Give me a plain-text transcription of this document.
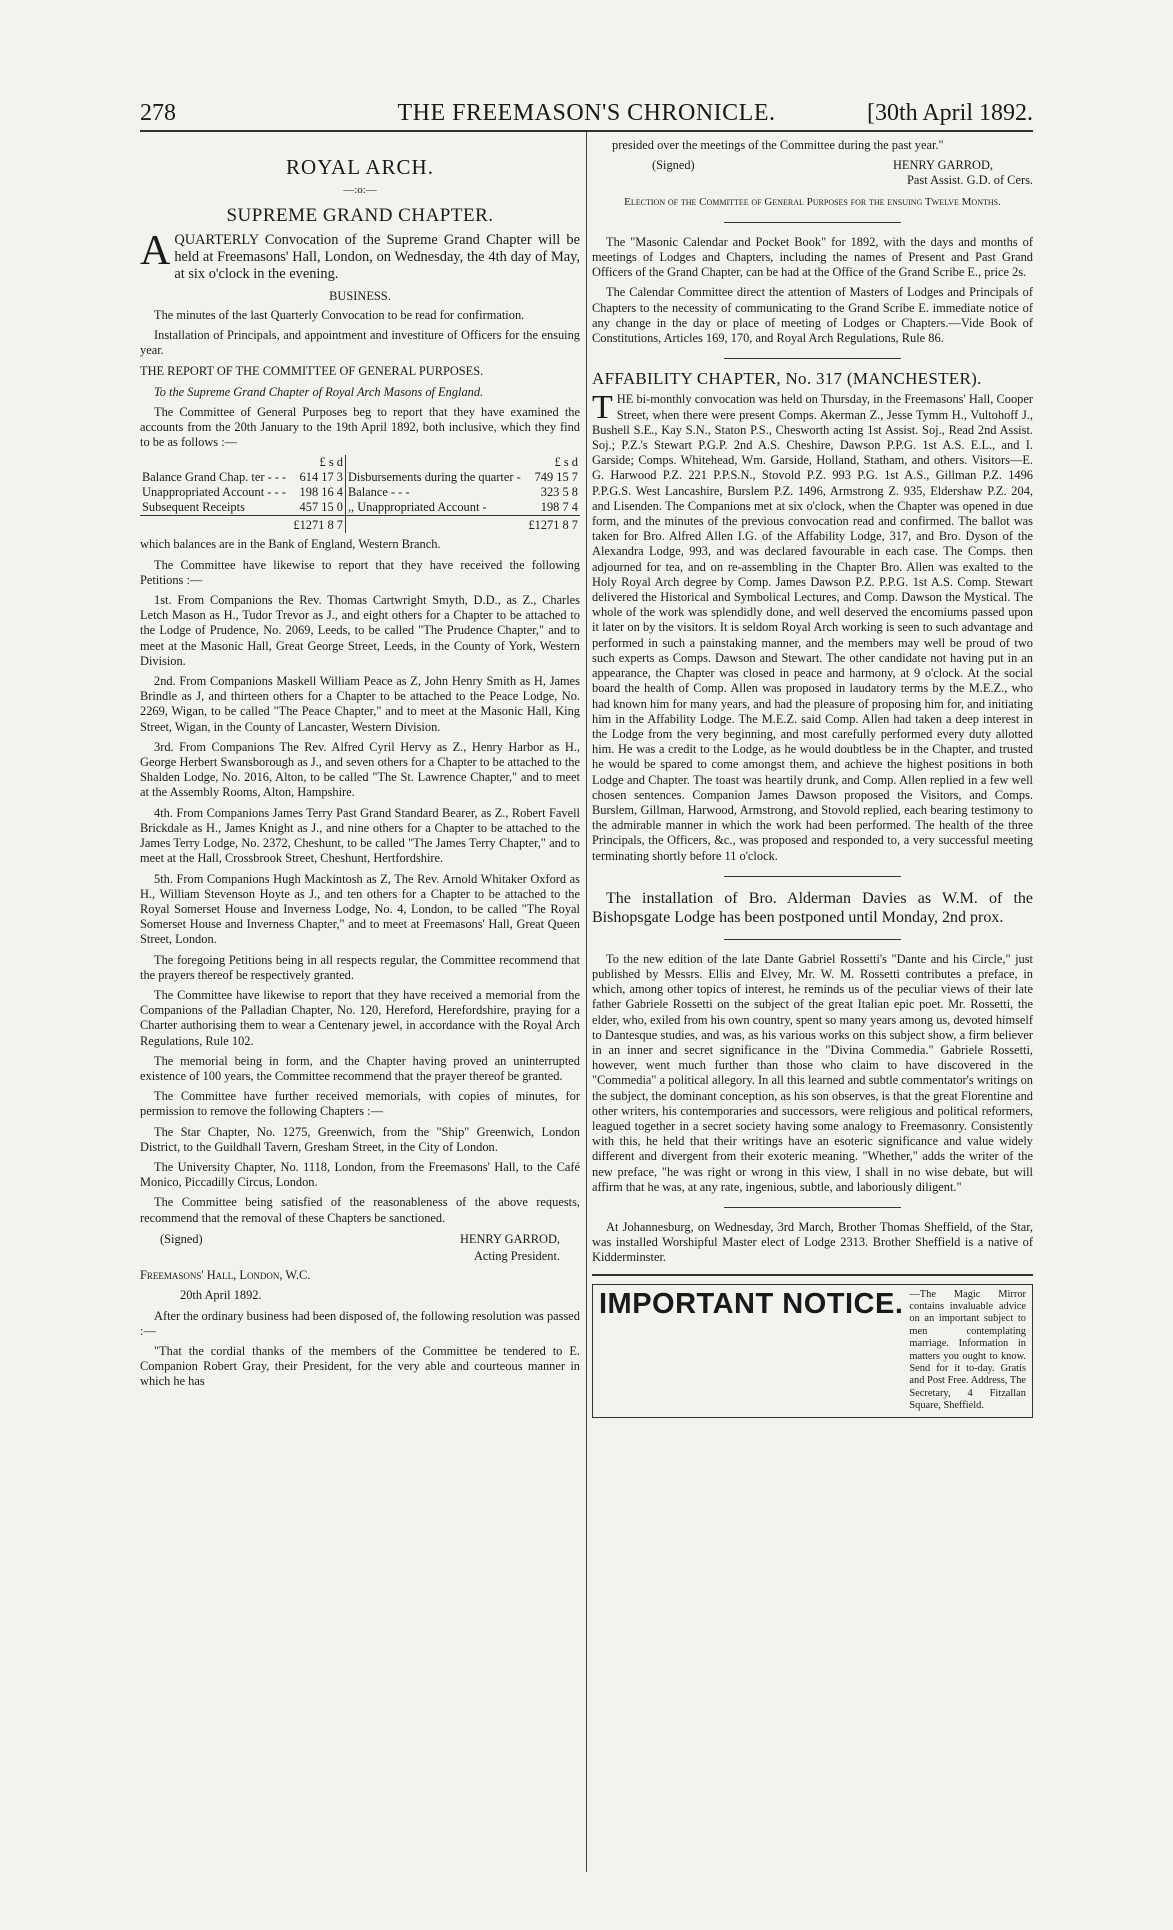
278	THE FREEMASON'S CHRONICLE.	[30th April 1892.
ROYAL ARCH.
—:o:—
SUPREME GRAND CHAPTER.

AQUARTERLY Convocation of the Supreme Grand Chapter will be held at Freemasons' Hall, London, on Wednesday, the 4th day of May, at six o'clock in the evening.

BUSINESS.

The minutes of the last Quarterly Convocation to be read for confirmation.

Installation of Principals, and appointment and investiture of Officers for the ensuing year.

THE REPORT OF THE COMMITTEE OF GENERAL PURPOSES.

To the Supreme Grand Chapter of Royal Arch Masons of England.

The Committee of General Purposes beg to report that they have examined the accounts from the 20th January to the 19th April 1892, both inclusive, which they find to be as follows :—

	£ s d		£ s d
Balance Grand Chap. ter - - -	614 17 3	Disbursements during the quarter -	749 15 7
Unappropriated Account - - -	198 16 4	Balance - - -	323 5 8
Subsequent Receipts	457 15 0	,, Unappropriated Account -	198 7 4
	£1271 8 7		£1271 8 7

which balances are in the Bank of England, Western Branch.

The Committee have likewise to report that they have received the following Petitions :—

1st. From Companions the Rev. Thomas Cartwright Smyth, D.D., as Z., Charles Letch Mason as H., Tudor Trevor as J., and eight others for a Chapter to be attached to the Lodge of Prudence, No. 2069, Leeds, to be called "The Prudence Chapter," and to meet at the Masonic Hall, Great George Street, Leeds, in the County of York, Western Division.

2nd. From Companions Maskell William Peace as Z, John Henry Smith as H, James Brindle as J, and thirteen others for a Chapter to be attached to the Peace Lodge, No. 2269, Wigan, to be called "The Peace Chapter," and to meet at the Masonic Hall, King Street, Wigan, in the County of Lancaster, Western Division.

3rd. From Companions The Rev. Alfred Cyril Hervy as Z., Henry Harbor as H., George Herbert Swansborough as J., and seven others for a Chapter to be attached to the Shalden Lodge, No. 2016, Alton, to be called "The St. Lawrence Chapter," and to meet at the Assembly Rooms, Alton, Hampshire.

4th. From Companions James Terry Past Grand Standard Bearer, as Z., Robert Favell Brickdale as H., James Knight as J., and nine others for a Chapter to be attached to the James Terry Lodge, No. 2372, Cheshunt, to be called "The James Terry Chapter," and to meet at the Hall, Crossbrook Street, Cheshunt, Hertfordshire.

5th. From Companions Hugh Mackintosh as Z, The Rev. Arnold Whitaker Oxford as H., William Stevenson Hoyte as J., and ten others for a Chapter to be attached to the Royal Somerset House and Inverness Lodge, No. 4, London, to be called "The Royal Somerset House and Inverness Chapter," and to meet at Freemasons' Hall, Great Queen Street, London.

The foregoing Petitions being in all respects regular, the Committee recommend that the prayers thereof be respectively granted.

The Committee have likewise to report that they have received a memorial from the Companions of the Palladian Chapter, No. 120, Hereford, Herefordshire, praying for a Charter authorising them to wear a Centenary jewel, in accordance with the Royal Arch Regulations, Rule 102.

The memorial being in form, and the Chapter having proved an uninterrupted existence of 100 years, the Committee recommend that the prayer thereof be granted.

The Committee have further received memorials, with copies of minutes, for permission to remove the following Chapters :—

The Star Chapter, No. 1275, Greenwich, from the "Ship" Greenwich, London District, to the Guildhall Tavern, Gresham Street, in the City of London.

The University Chapter, No. 1118, London, from the Freemasons' Hall, to the Café Monico, Piccadilly Circus, London.

The Committee being satisfied of the reasonableness of the above requests, recommend that the removal of these Chapters be sanctioned.

(Signed)	HENRY GARROD,
Acting President.

Freemasons' Hall, London, W.C.

20th April 1892.

After the ordinary business had been disposed of, the following resolution was passed :—

"That the cordial thanks of the members of the Committee be tendered to E. Companion Robert Gray, their President, for the very able and courteous manner in which he has

presided over the meetings of the Committee during the past year."

(Signed)	HENRY GARROD,
Past Assist. G.D. of Cers.

Election of the Committee of General Purposes for the ensuing Twelve Months.

The "Masonic Calendar and Pocket Book" for 1892, with the days and months of meetings of Lodges and Chapters, including the names of Present and Past Grand Officers of the Grand Chapter, can be had at the Office of the Grand Scribe E., price 2s.

The Calendar Committee direct the attention of Masters of Lodges and Principals of Chapters to the necessity of communicating to the Grand Scribe E. immediate notice of any change in the day or place of meeting of Lodges or Chapters.—Vide Book of Constitutions, Articles 169, 170, and Royal Arch Regulations, Rule 86.

AFFABILITY CHAPTER, No. 317 (MANCHESTER).

THE bi-monthly convocation was held on Thursday, in the Freemasons' Hall, Cooper Street, when there were present Comps. Akerman Z., Jesse Tymm H., Vultohoff J., Bushell S.E., Kay S.N., Staton P.S., Chesworth acting 1st Assist. Soj., Read 2nd Assist. Soj.; P.Z.'s Stewart P.G.P. 2nd A.S. Cheshire, Dawson P.P.G. 1st A.S. E.L., and I. Garside; Comps. Whitehead, Wm. Garside, Holland, Statham, and others. Visitors—E. G. Harwood P.Z. 221 P.P.S.N., Stovold P.Z. 993 P.G. 1st A.S., Gillman P.Z. 1496 P.P.G.S. West Lancashire, Burslem P.Z. 1496, Armstrong Z. 935, Eldershaw P.Z. 204, and Lisenden. The Companions met at six o'clock, when the Chapter was opened in due form, and the minutes of the previous convocation read and confirmed. The ballot was taken for Bro. Alfred Allen I.G. of the Affability Lodge, 317, and Bro. Dyson of the Alexandra Lodge, 993, and was declared favourable in each case. The Comps. then adjourned for tea, and on re-assembling in the Chapter Bro. Allen was exalted to the Holy Royal Arch degree by Comp. James Dawson P.Z. P.P.G. 1st A.S. Comp. Stewart delivered the Historical and Symbolical Lectures, and Comp. Dawson the Mystical. The whole of the work was splendidly done, and well deserved the encomiums passed upon it later on by the visitors. It is seldom Royal Arch working is seen to such advantage and performed in such a painstaking manner, and the members may well be proud of two such experts as Comps. Dawson and Stewart. The other candidate not having put in an appearance, the Chapter was closed in peace and harmony, at 9 o'clock. At the social board the health of Comp. Allen was proposed in laudatory terms by the M.E.Z., who had known him for many years, and had the pleasure of proposing him for, and initiating him in the Affability Lodge. The M.E.Z. said Comp. Allen had taken a deep interest in the Lodge from the very beginning, and most carefully performed every duty allotted him. He was a credit to the Lodge, as he would doubtless be in the Chapter, and trusted he would be spared to come amongst them, and achieve the highest positions in both Lodge and Chapter. The toast was heartily drunk, and Comp. Allen replied in a few well chosen sentences. Companion James Dawson proposed the Visitors, and Comps. Burslem, Gillman, Harwood, Armstrong, and Stovold replied, each bearing testimony to the admirable manner in which the work had been performed. The health of the three Principals, the Officers, &c., was proposed and responded to, a very successful meeting terminating shortly before 11 o'clock.

The installation of Bro. Alderman Davies as W.M. of the Bishopsgate Lodge has been postponed until Monday, 2nd prox.

To the new edition of the late Dante Gabriel Rossetti's "Dante and his Circle," just published by Messrs. Ellis and Elvey, Mr. W. M. Rossetti contributes a preface, in which, among other topics of interest, he reminds us of the peculiar views of their late father Gabriele Rossetti on the subject of the great Italian epic poet. Mr. Rossetti, the elder, who, exiled from his own country, spent so many years among us, devoted himself to Dantesque studies, and was, as his various works on this subject show, a firm believer in an inner and secret significance in the "Divina Commedia." Gabriele Rossetti, however, went much further than those who claim to have discovered in the "Commedia" a political allegory. In all this learned and subtle commentator's writings on the subject, the dominant conception, as his son observes, is that the great Florentine and other writers, his contemporaries and successors, were religious and political reformers, leagued together in a secret society having some analogy to Freemasonry. Consistently with this, he held that their writings have an esoteric significance and value widely different and divergent from their exoteric meaning. "Whether," adds the writer of the new preface, "he was right or wrong in this view, I shall in no wise debate, but will affirm that he was, at any rate, ingenious, subtle, and laboriously diligent."

At Johannesburg, on Wednesday, 3rd March, Brother Thomas Sheffield, of the Star, was installed Worshipful Master elect of Lodge 2313. Brother Sheffield is a native of Kidderminster.

IMPORTANT NOTICE. —The Magic Mirror contains invaluable advice on an important subject to men contemplating marriage. Information in matters you ought to know. Send for it to-day. Gratis and Post Free. Address, The Secretary, 4 Fitzallan Square, Sheffield.
